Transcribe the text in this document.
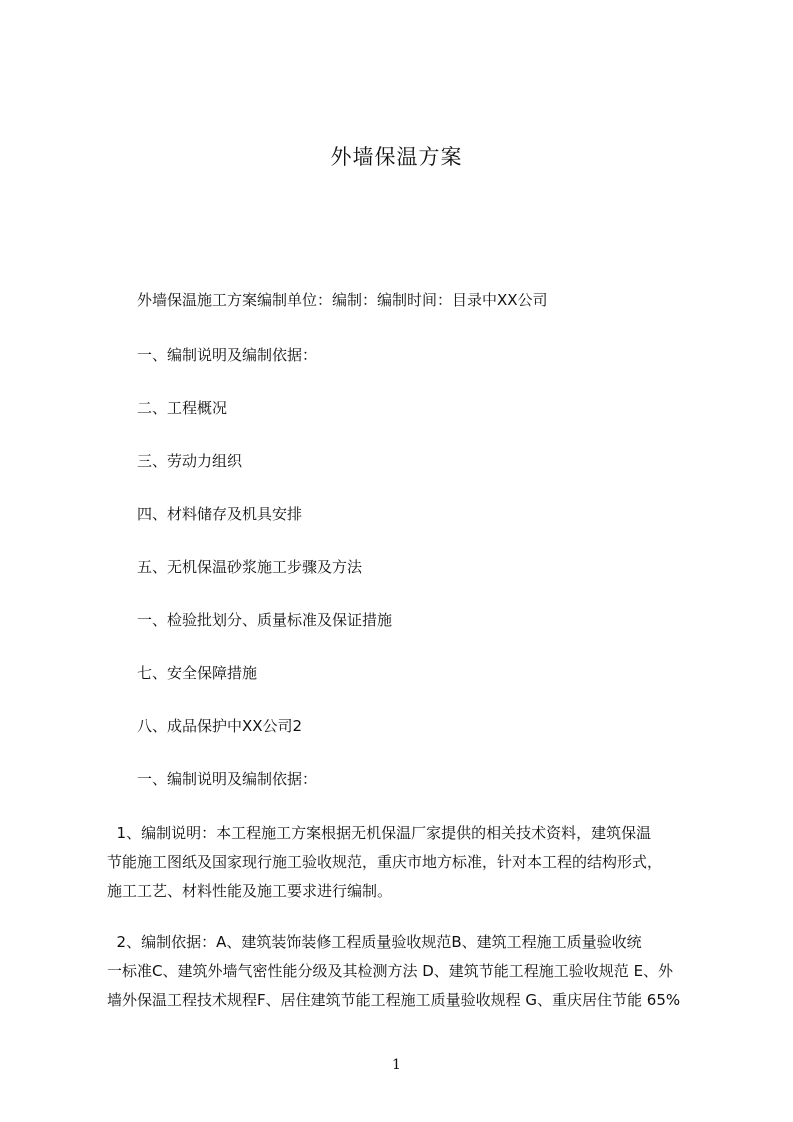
外墙保温方案
外墙保温施工方案编制单位：编制：编制时间：目录中XX公司
一、编制说明及编制依据：
二、工程概况
三、劳动力组织
四、材料储存及机具安排
五、无机保温砂浆施工步骤及方法
一、检验批划分、质量标准及保证措施
七、安全保障措施
八、成品保护中XX公司2
一、编制说明及编制依据：
1、编制说明：本工程施工方案根据无机保温厂家提供的相关技术资料，建筑保温
节能施工图纸及国家现行施工验收规范，重庆市地方标准，针对本工程的结构形式，
施工工艺、材料性能及施工要求进行编制。
2、编制依据：A、建筑装饰装修工程质量验收规范B、建筑工程施工质量验收统
一标准C、建筑外墙气密性能分级及其检测方法 D、建筑节能工程施工验收规范 E、外
墙外保温工程技术规程F、居住建筑节能工程施工质量验收规程 G、重庆居住节能 65%
1
